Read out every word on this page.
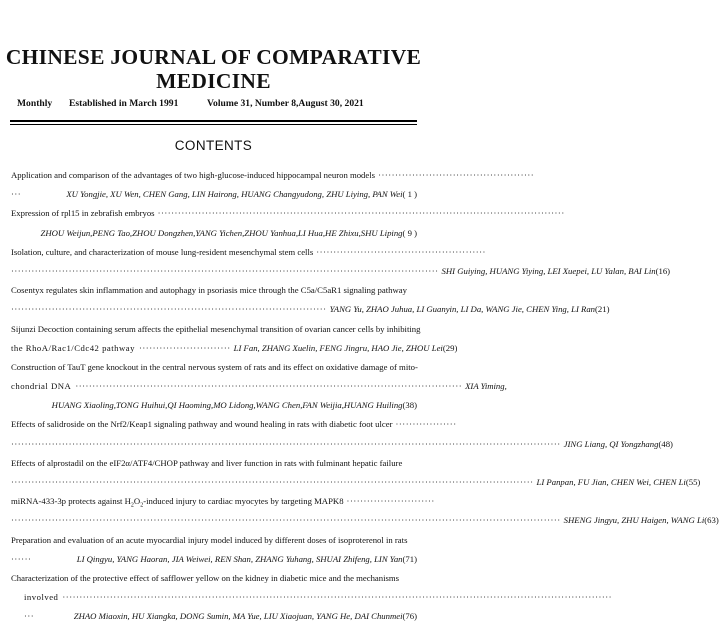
CHINESE JOURNAL OF COMPARATIVE
MEDICINE
Monthly Established in March 1991	Volume 31, Number 8,August 30, 2021
CONTENTS
Application and comparison of the advantages of two high-glucose-induced hippocampal neuron models ··············································
···	XU Yongjie, XU Wen, CHEN Gang, LIN Hairong, HUANG Changyudong, ZHU Liying, PAN Wei ( 1 )
Expression of rpl15 in zebrafish embryos ························································································································
ZHOU Weijun,PENG Tao,ZHOU Dongzhen,YANG Yichen,ZHOU Yanhua,LI Hua,HE Zhixu,SHU Liping ( 9 )
Isolation, culture, and characterization of mouse lung-resident mesenchymal stem cells ··················································
······························································································································ SHI Guiying, HUANG Yiying, LEI Xuepei, LU Yalan, BAI Lin (16)
Cosentyx regulates skin inflammation and autophagy in psoriasis mice through the C5a/C5aR1 signaling pathway
····························································································· YANG Yu, ZHAO Juhua, LI Guanyin, LI Da, WANG Jie, CHEN Ying, LI Ran (21)
Sijunzi Decoction containing serum affects the epithelial mesenchymal transition of ovarian cancer cells by inhibiting
the RhoA/Rac1/Cdc42 pathway ··························· LI Fan, ZHANG Xuelin, FENG Jingru, HAO Jie, ZHOU Lei (29)
Construction of TauT gene knockout in the central nervous system of rats and its effect on oxidative damage of mito-
chondrial DNA ·················································································································· XIA Yiming,
HUANG Xiaoling,TONG Huihui,QI Haoming,MO Lidong,WANG Chen,FAN Weijia,HUANG Huiling (38)
Effects of salidroside on the Nrf2/Keap1 signaling pathway and wound healing in rats with diabetic foot ulcer ··················
·································································································································································· JING Liang, QI Yongzhang (48)
Effects of alprostadil on the eIF2α/ATF4/CHOP pathway and liver function in rats with fulminant hepatic failure
·························································································································································· LI Panpan, FU Jian, CHEN Wei, CHEN Li (55)
miRNA-433-3p protects against $H_2O_2$-induced injury to cardiac myocytes by targeting MAPK8 ··························
·································································································································································· SHENG Jingyu, ZHU Haigen, WANG Li (63)
Preparation and evaluation of an acute myocardial injury model induced by different doses of isoproterenol in rats
······	LI Qingyu, YANG Haoran, JIA Weiwei, REN Shan, ZHANG Yuhang, SHUAI Zhifeng, LIN Yan (71)
Characterization of the protective effect of safflower yellow on the kidney in diabetic mice and the mechanisms
involved ··································································································································································
···	ZHAO Miaoxin, HU Xiangka, DONG Sumin, MA Yue, LIU Xiaojuan, YANG He, DAI Chunmei (76)
